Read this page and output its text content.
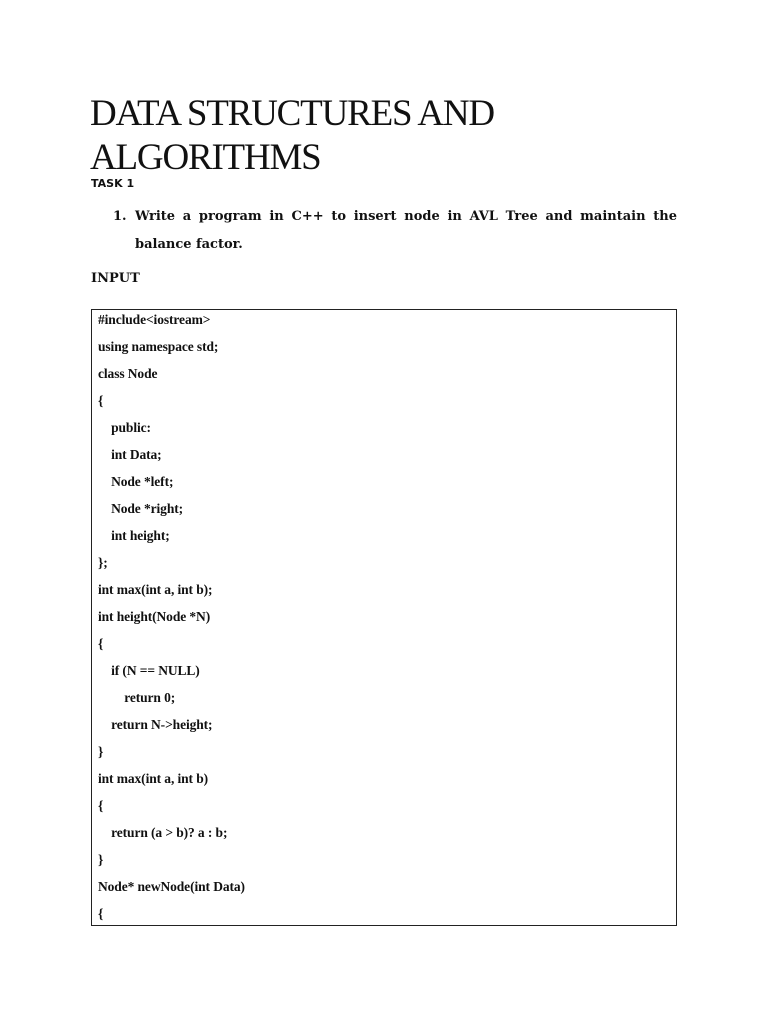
DATA STRUCTURES AND
ALGORITHMS
TASK 1
1. Write a program in C++ to insert node in AVL Tree and maintain the balance factor.
INPUT
#include<iostream>
using namespace std;
class Node
{
public:
int Data;
Node *left;
Node *right;
int height;
};
int max(int a, int b);
int height(Node *N)
{
if (N == NULL)
return 0;
return N->height;
}
int max(int a, int b)
{
return (a > b)? a : b;
}
Node* newNode(int Data)
{
